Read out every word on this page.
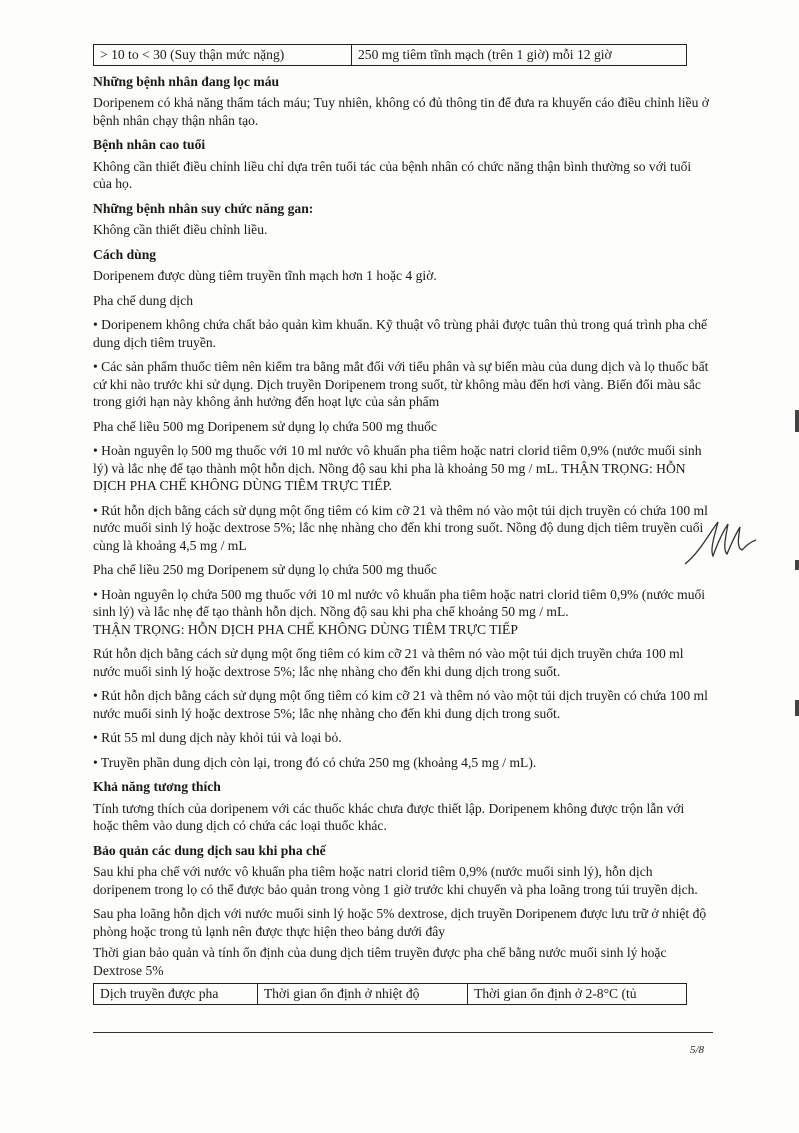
> 10 to < 30 (Suy thận mức nặng)	250 mg tiêm tĩnh mạch (trên 1 giờ) mỗi 12 giờ

Những bệnh nhân đang lọc máu

Doripenem có khả năng thẩm tách máu; Tuy nhiên, không có đủ thông tin để đưa ra khuyến cáo điều chỉnh liều ở bệnh nhân chạy thận nhân tạo.

Bệnh nhân cao tuổi

Không cần thiết điều chỉnh liều chỉ dựa trên tuổi tác của bệnh nhân có chức năng thận bình thường so với tuổi của họ.

Những bệnh nhân suy chức năng gan:

Không cần thiết điều chỉnh liều.

Cách dùng

Doripenem được dùng tiêm truyền tĩnh mạch hơn 1 hoặc 4 giờ.

Pha chế dung dịch

• Doripenem không chứa chất bảo quản kìm khuẩn. Kỹ thuật vô trùng phải được tuân thủ trong quá trình pha chế dung dịch tiêm truyền.

• Các sản phẩm thuốc tiêm nên kiểm tra bằng mắt đối với tiểu phân và sự biến màu của dung dịch và lọ thuốc bất cứ khi nào trước khi sử dụng. Dịch truyền Doripenem trong suốt, từ không màu đến hơi vàng. Biến đổi màu sắc trong giới hạn này không ảnh hưởng đến hoạt lực của sản phẩm

Pha chế liều 500 mg Doripenem sử dụng lọ chứa 500 mg thuốc

• Hoàn nguyên lọ 500 mg thuốc với 10 ml nước vô khuẩn pha tiêm hoặc natri clorid tiêm 0,9% (nước muối sinh lý) và lắc nhẹ để tạo thành một hỗn dịch. Nồng độ sau khi pha là khoảng 50 mg / mL. THẬN TRỌNG: HỖN DỊCH PHA CHẾ KHÔNG DÙNG TIÊM TRỰC TIẾP.

• Rút hỗn dịch bằng cách sử dụng một ống tiêm có kim cỡ 21 và thêm nó vào một túi dịch truyền có chứa 100 ml nước muối sinh lý hoặc dextrose 5%; lắc nhẹ nhàng cho đến khi trong suốt. Nồng độ dung dịch tiêm truyền cuối cùng là khoảng 4,5 mg / mL

Pha chế liều 250 mg Doripenem sử dụng lọ chứa 500 mg thuốc

• Hoàn nguyên lọ chứa 500 mg thuốc với 10 ml nước vô khuẩn pha tiêm hoặc natri clorid tiêm 0,9% (nước muối sinh lý) và lắc nhẹ để tạo thành hỗn dịch. Nồng độ sau khi pha chế khoảng 50 mg / mL.

THẬN TRỌNG: HỖN DỊCH PHA CHẾ KHÔNG DÙNG TIÊM TRỰC TIẾP

Rút hỗn dịch bằng cách sử dụng một ống tiêm có kim cỡ 21 và thêm nó vào một túi dịch truyền chứa 100 ml nước muối sinh lý hoặc dextrose 5%; lắc nhẹ nhàng cho đến khi dung dịch trong suốt.

• Rút hỗn dịch bằng cách sử dụng một ống tiêm có kim cỡ 21 và thêm nó vào một túi dịch truyền có chứa 100 ml nước muối sinh lý hoặc dextrose 5%; lắc nhẹ nhàng cho đến khi dung dịch trong suốt.

• Rút 55 ml dung dịch này khỏi túi và loại bỏ.

• Truyền phần dung dịch còn lại, trong đó có chứa 250 mg (khoảng 4,5 mg / mL).

Khả năng tương thích

Tính tương thích của doripenem với các thuốc khác chưa được thiết lập. Doripenem không được trộn lẫn với hoặc thêm vào dung dịch có chứa các loại thuốc khác.

Bảo quản các dung dịch sau khi pha chế

Sau khi pha chế với nước vô khuẩn pha tiêm hoặc natri clorid tiêm 0,9% (nước muối sinh lý), hỗn dịch doripenem trong lọ có thể được bảo quản trong vòng 1 giờ trước khi chuyển và pha loãng trong túi truyền dịch.

Sau pha loãng hỗn dịch với nước muối sinh lý hoặc 5% dextrose, dịch truyền Doripenem được lưu trữ ở nhiệt độ phòng hoặc trong tủ lạnh nên được thực hiện theo bảng dưới đây

Thời gian bảo quản và tính ổn định của dung dịch tiêm truyền được pha chế bằng nước muối sinh lý hoặc Dextrose 5%

Dịch truyền được pha	Thời gian ổn định ở nhiệt độ	Thời gian ổn định ở 2-8°C (tủ
5/8
